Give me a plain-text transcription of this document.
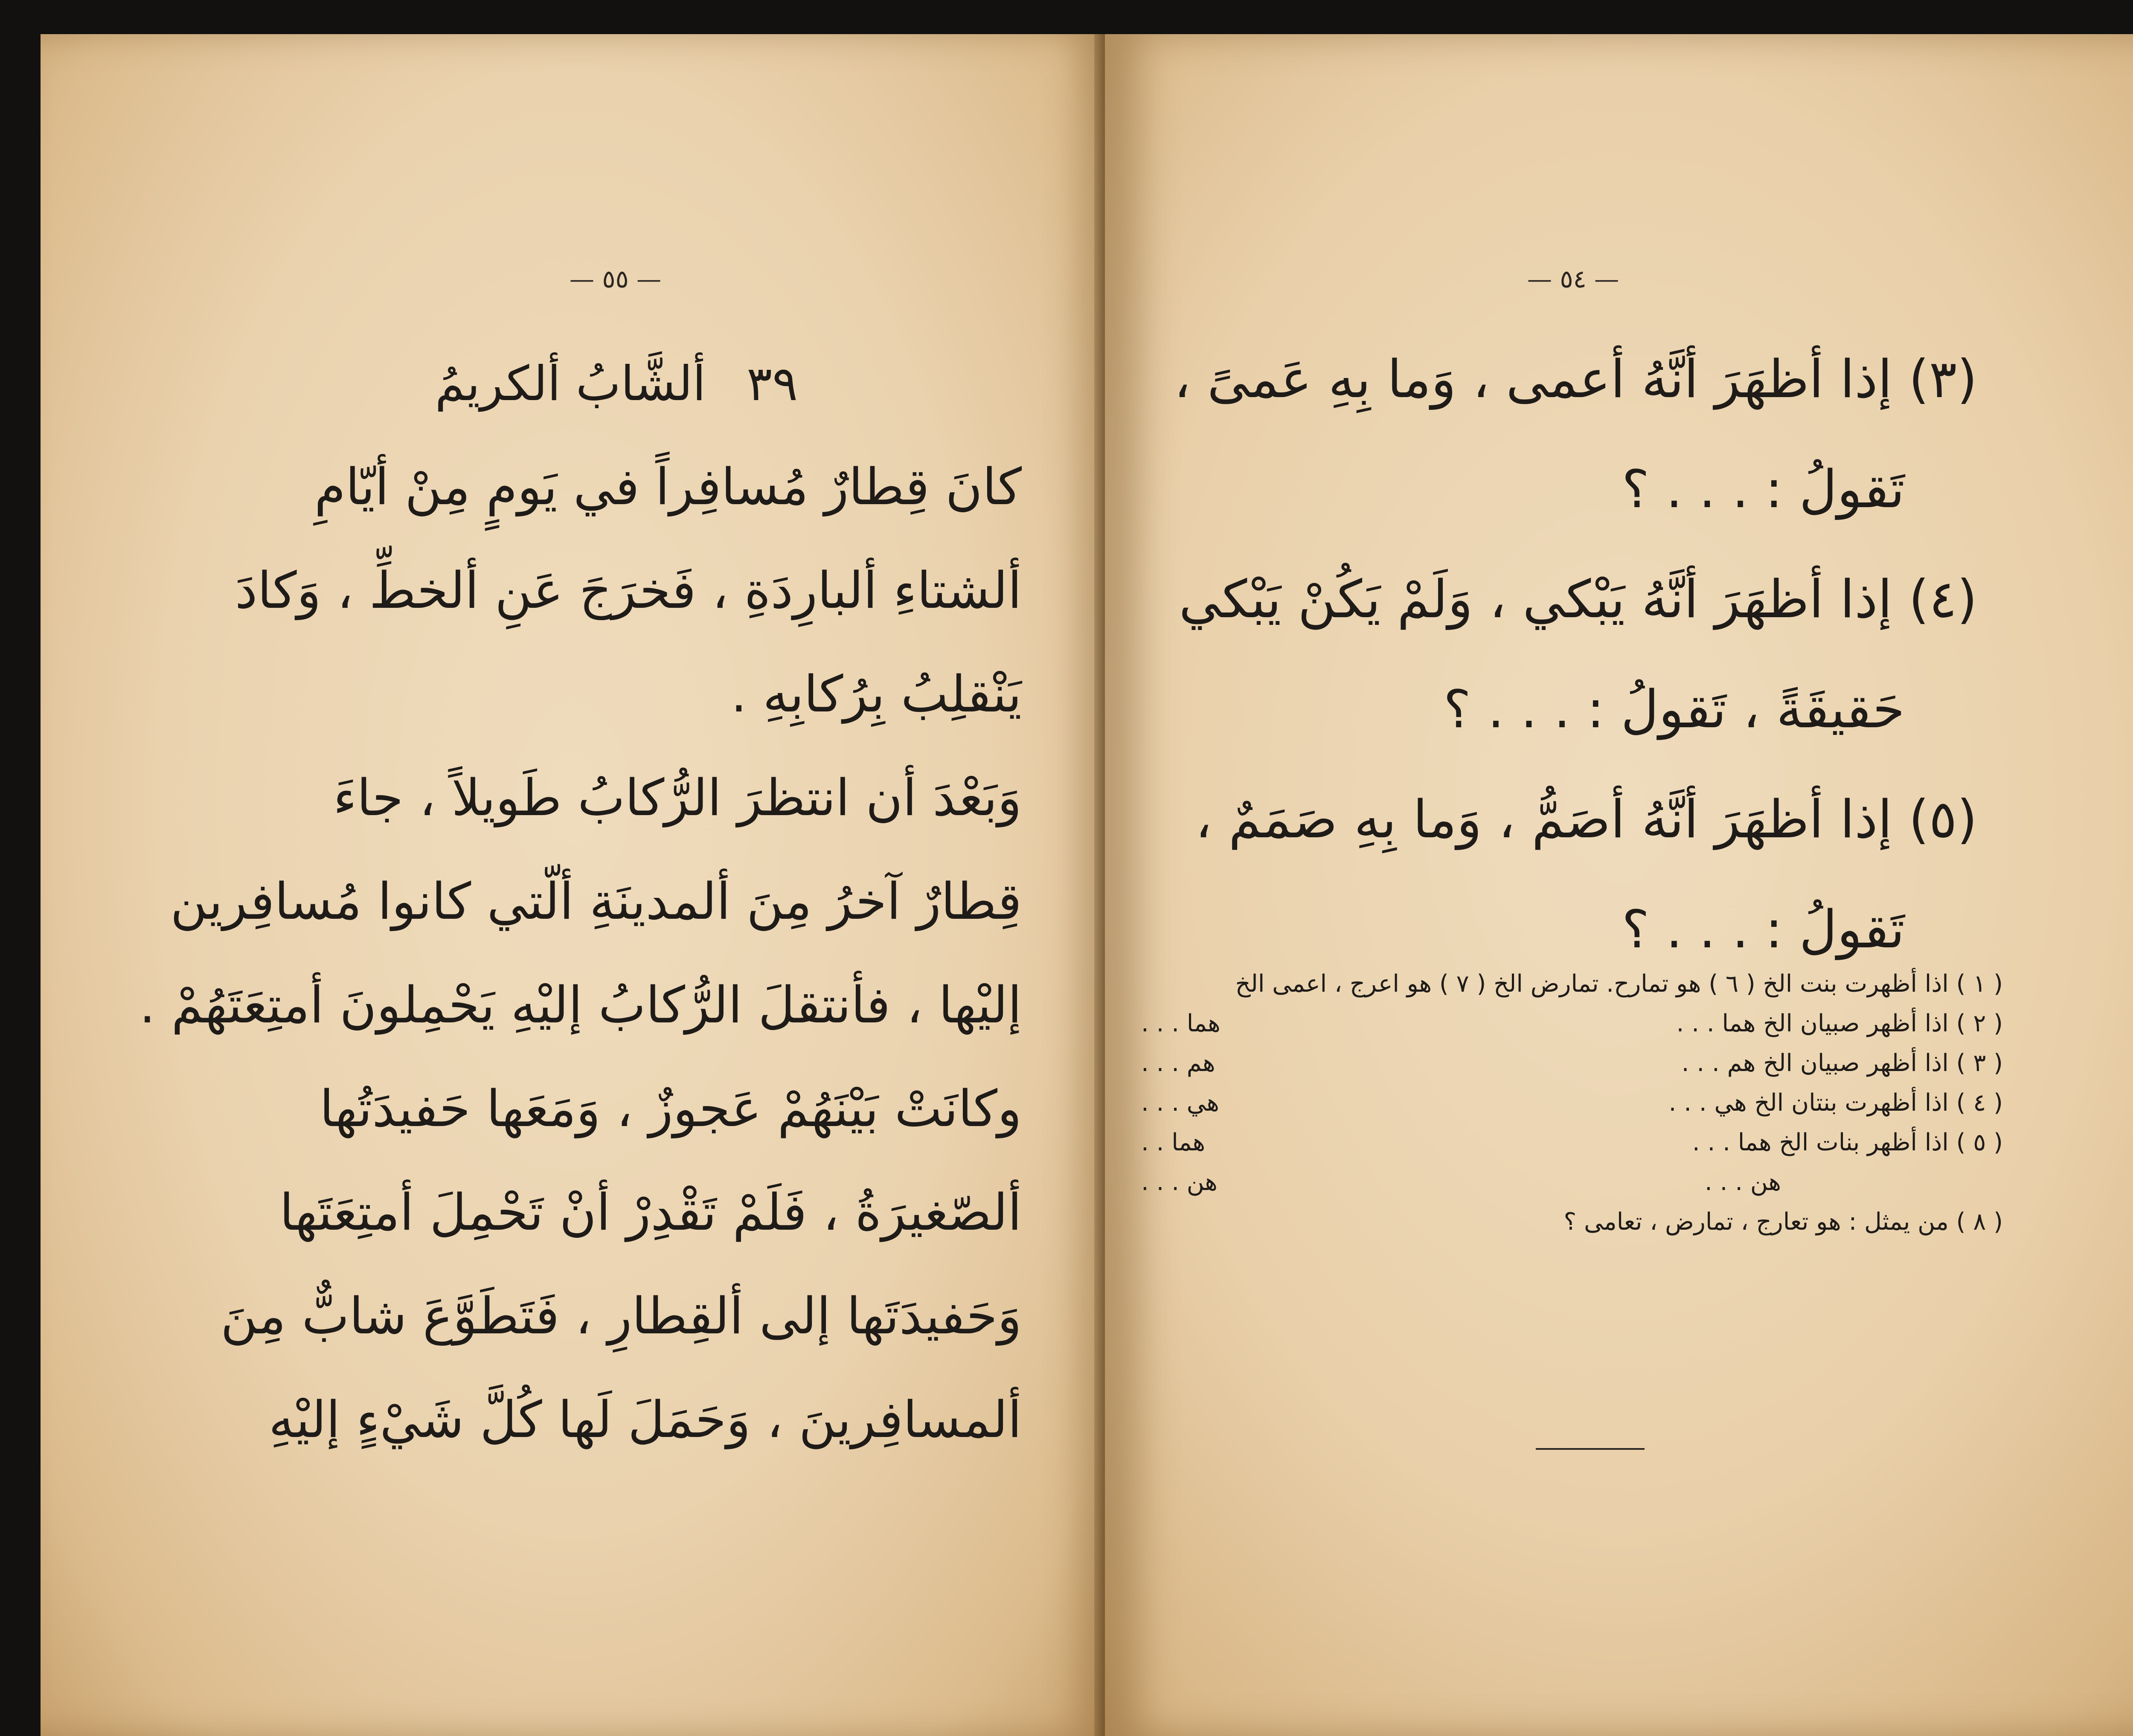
— ٥٥ —
٣٩ ألشَّابُ ألكريمُ
كانَ قِطارٌ مُسافِراً في يَومٍ مِنْ أيّامِ
ألشتاءِ ألبارِدَةِ ، فَخرَجَ عَنِ ألخطِّ ، وَكادَ
يَنْقلِبُ بِرُكابِهِ .
وَبَعْدَ أن انتظرَ الرُّكابُ طَويلاً ، جاءَ
قِطارٌ آخرُ مِنَ ألمدينَةِ ألّتي كانوا مُسافِرين
إليْها ، فأنتقلَ الرُّكابُ إليْهِ يَحْمِلونَ أمتِعَتَهُمْ .
وكانَتْ بَيْنَهُمْ عَجوزٌ ، وَمَعَها حَفيدَتُها
ألصّغيرَةُ ، فَلَمْ تَقْدِرْ أنْ تَحْمِلَ أمتِعَتَها
وَحَفيدَتَها إلى ألقِطارِ ، فَتَطَوَّعَ شابٌّ مِنَ
ألمسافِرينَ ، وَحَمَلَ لَها كُلَّ شَيْءٍ إليْهِ
— ٥٤ —
(٣) إذا أظهَرَ أنَّهُ أعمى ، وَما بِهِ عَمىً ،
تَقولُ : . . . ؟
(٤) إذا أظهَرَ أنَّهُ يَبْكي ، وَلَمْ يَكُنْ يَبْكي
حَقيقَةً ، تَقولُ : . . . ؟
(٥) إذا أظهَرَ أنَّهُ أصَمُّ ، وَما بِهِ صَمَمٌ ،
تَقولُ : . . . ؟
( ١ ) اذا أظهرت بنت الخ ( ٦ ) هو تمارح. تمارض الخ ( ٧ ) هو اعرج ، اعمى الخ
( ٢ ) اذا أظهر صبيان الخ هما . . .
هما . . .
( ٣ ) اذا أظهر صبيان الخ هم . . .
هم . . .
( ٤ ) اذا أظهرت بنتان الخ هي . . .
هي . . .
( ٥ ) اذا أظهر بنات الخ هما . . .
هما . .
هن . . .
هن . . .
( ٨ ) من يمثل : هو تعارج ، تمارض ، تعامى ؟
